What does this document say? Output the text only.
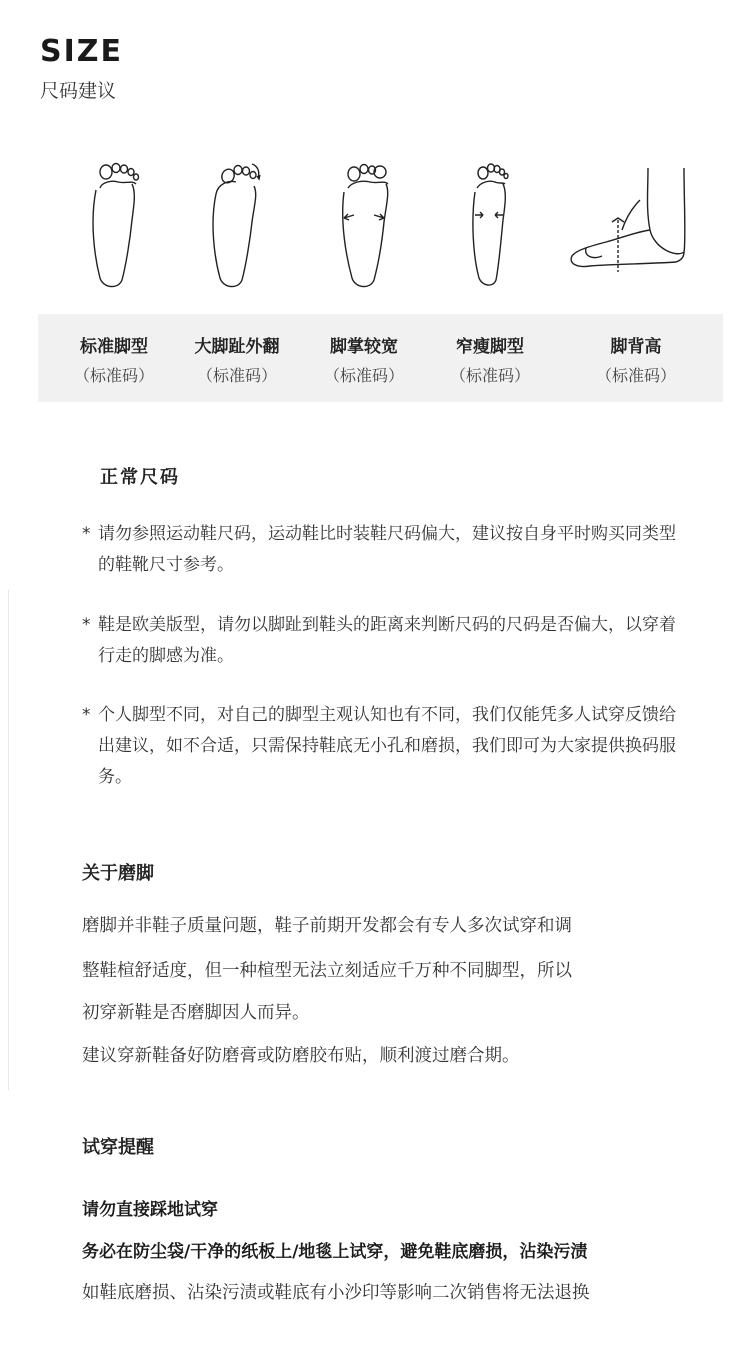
SIZE
尺码建议
标准脚型
（标准码）
大脚趾外翻
（标准码）
脚掌较宽
（标准码）
窄瘦脚型
（标准码）
脚背高
（标准码）
正常尺码
* 请勿参照运动鞋尺码，运动鞋比时装鞋尺码偏大，建议按自身平时购买同类型的鞋靴尺寸参考。
* 鞋是欧美版型，请勿以脚趾到鞋头的距离来判断尺码的尺码是否偏大，以穿着行走的脚感为准。
* 个人脚型不同，对自己的脚型主观认知也有不同，我们仅能凭多人试穿反馈给出建议，如不合适，只需保持鞋底无小孔和磨损，我们即可为大家提供换码服务。
关于磨脚
磨脚并非鞋子质量问题，鞋子前期开发都会有专人多次试穿和调
整鞋楦舒适度，但一种楦型无法立刻适应千万种不同脚型，所以
初穿新鞋是否磨脚因人而异。
建议穿新鞋备好防磨膏或防磨胶布贴，顺利渡过磨合期。
试穿提醒
请勿直接踩地试穿
务必在防尘袋/干净的纸板上/地毯上试穿，避免鞋底磨损，沾染污渍
如鞋底磨损、沾染污渍或鞋底有小沙印等影响二次销售将无法退换
